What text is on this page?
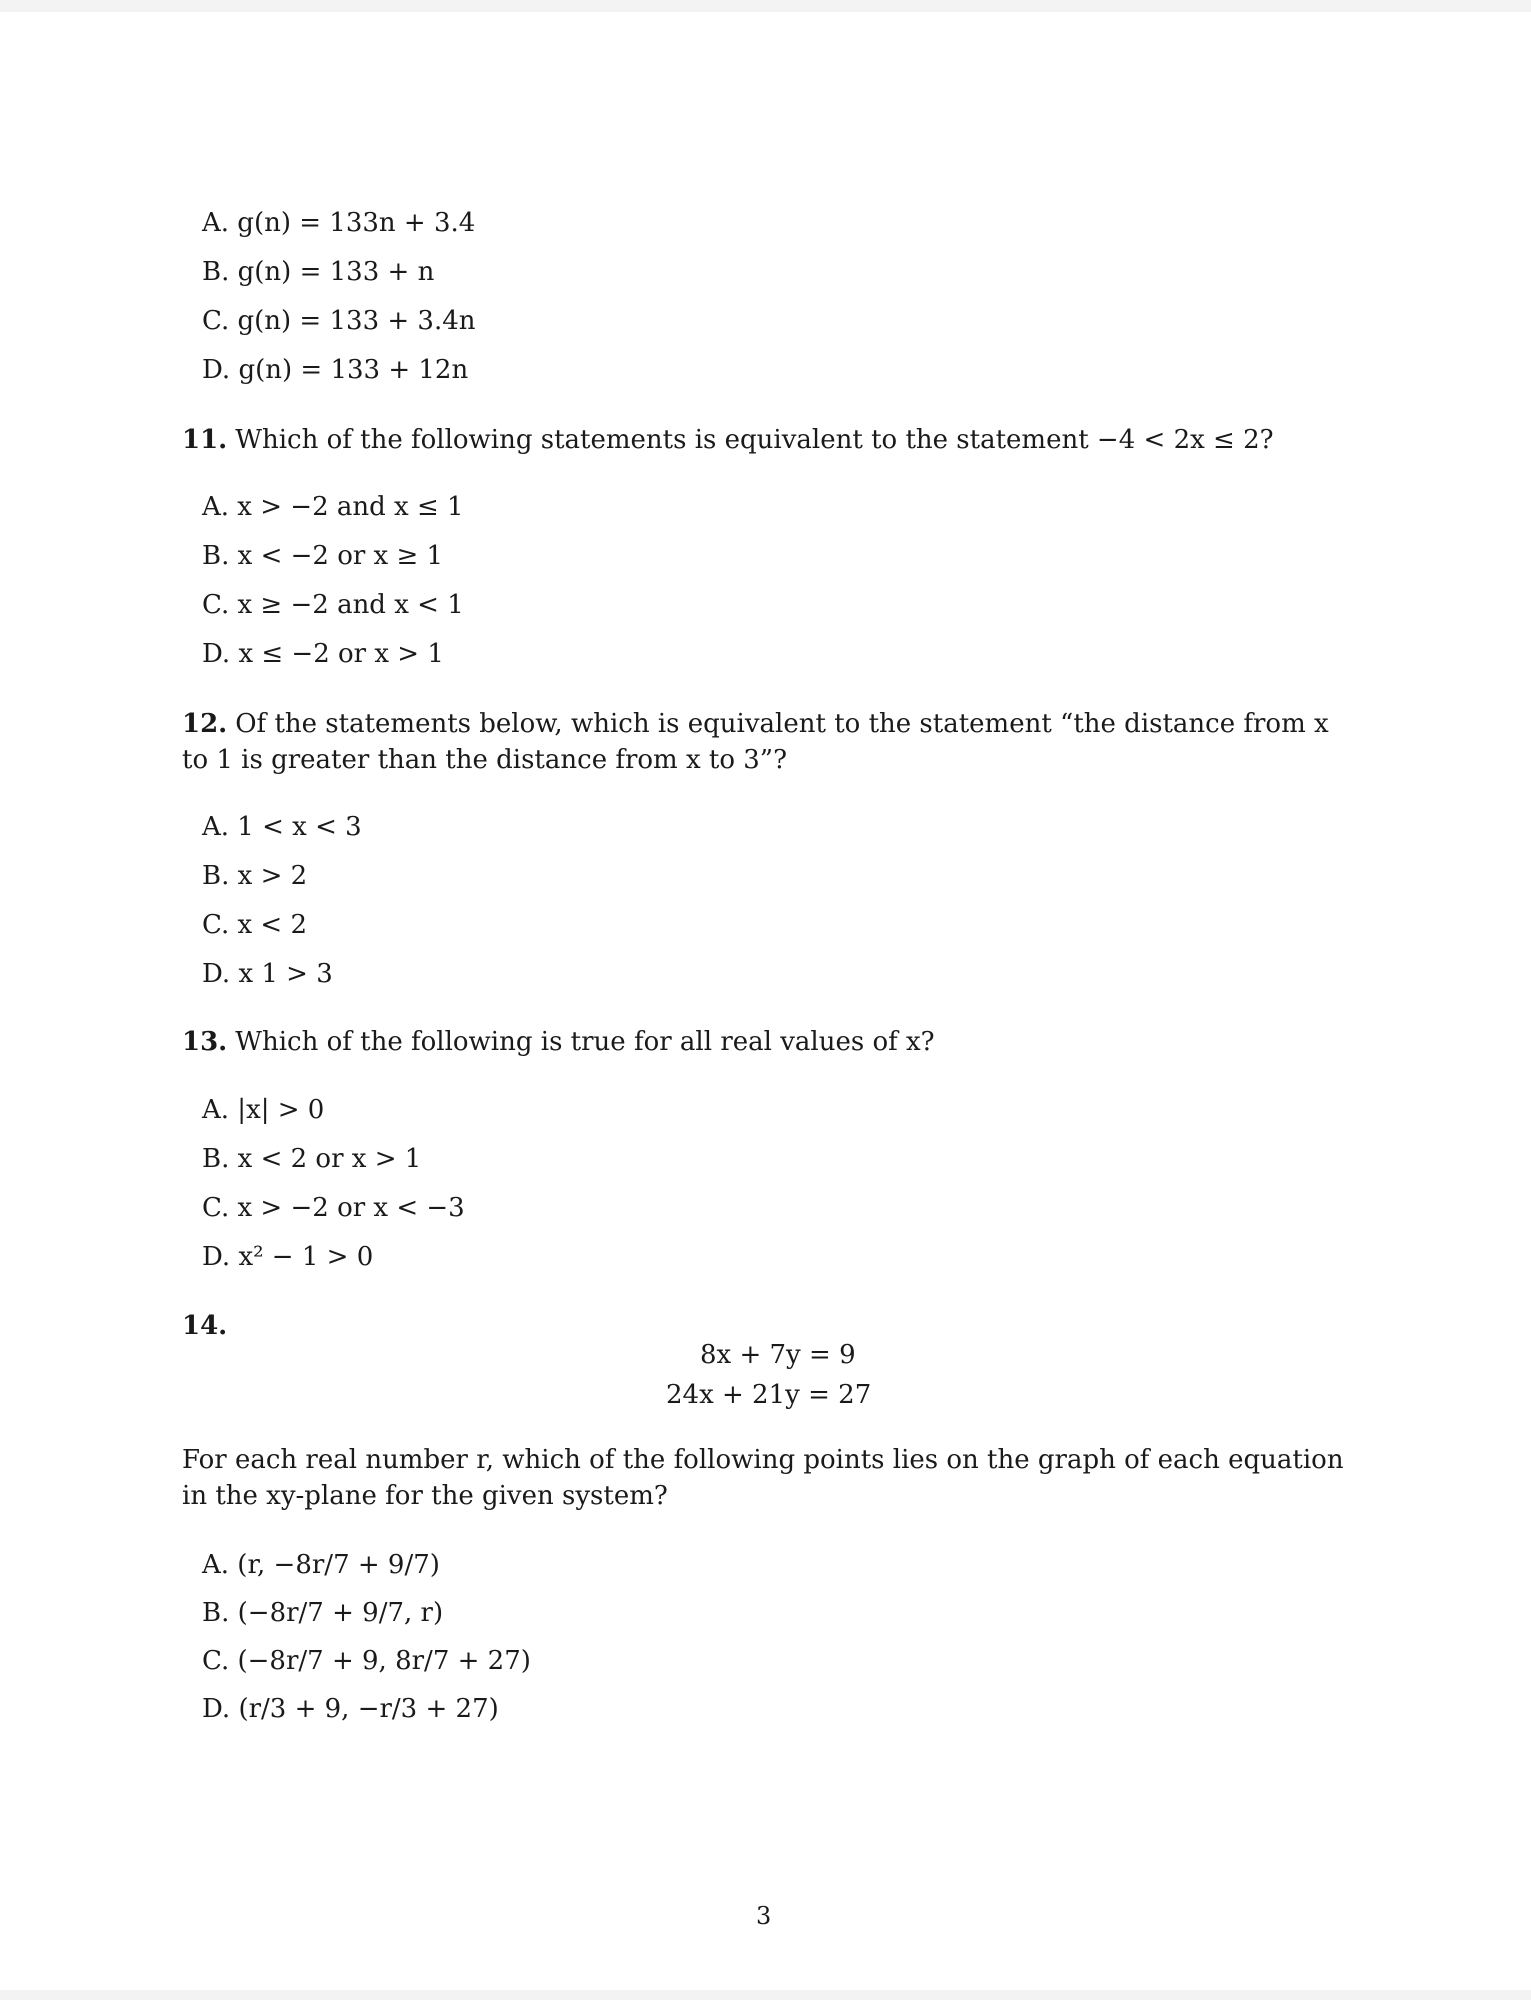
A. g(n) = 133n + 3.4
B. g(n) = 133 + n
C. g(n) = 133 + 3.4n
D. g(n) = 133 + 12n
11. Which of the following statements is equivalent to the statement −4 < 2x ≤ 2?
A. x > −2 and x ≤ 1
B. x < −2 or x ≥ 1
C. x ≥ −2 and x < 1
D. x ≤ −2 or x > 1
12. Of the statements below, which is equivalent to the statement “the distance from x to 1 is greater than the distance from x to 3”?
A. 1 < x < 3
B. x > 2
C. x < 2
D. x 1 > 3
13. Which of the following is true for all real values of x?
A. |x| > 0
B. x < 2 or x > 1
C. x > −2 or x < −3
D. x² − 1 > 0
14.
8x + 7y = 9
24x + 21y = 27
For each real number r, which of the following points lies on the graph of each equation in the xy-plane for the given system?
A. (r, −8r/7 + 9/7)
B. (−8r/7 + 9/7, r)
C. (−8r/7 + 9, 8r/7 + 27)
D. (r/3 + 9, −r/3 + 27)
3
